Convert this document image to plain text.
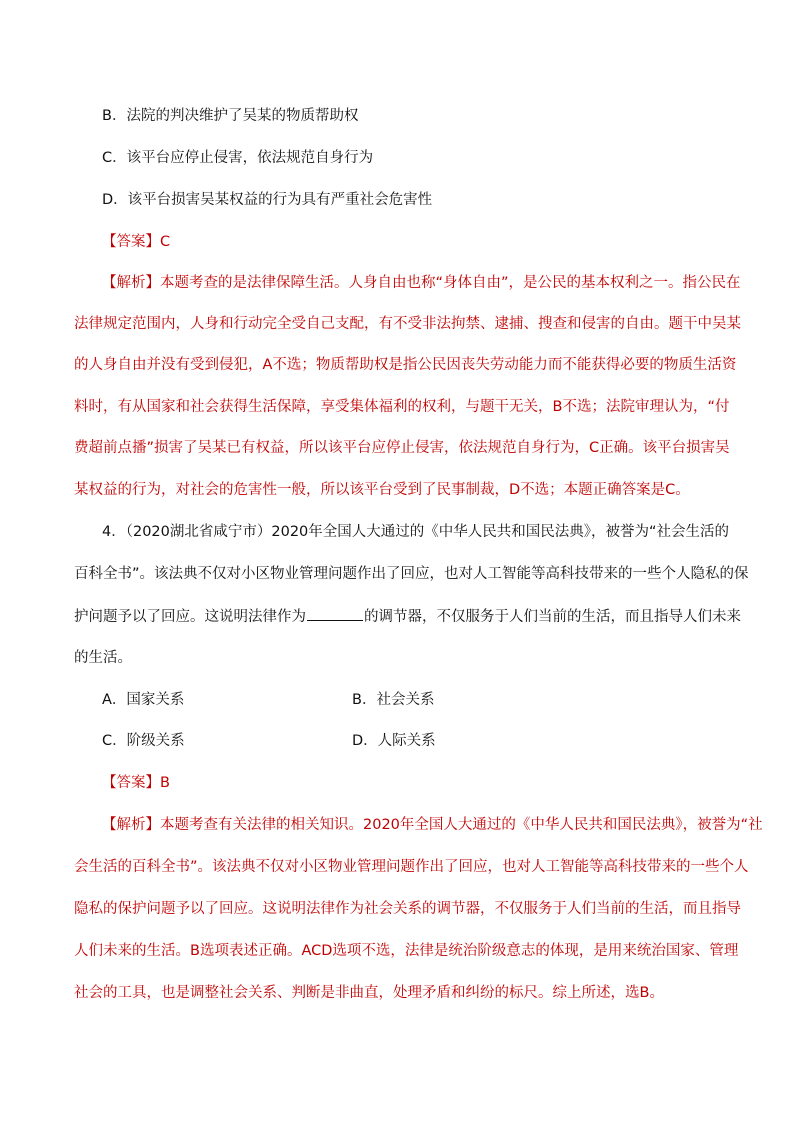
B．法院的判决维护了吴某的物质帮助权
C．该平台应停止侵害，依法规范自身行为
D．该平台损害吴某权益的行为具有严重社会危害性
【答案】C
【解析】本题考查的是法律保障生活。人身自由也称“身体自由”，是公民的基本权利之一。指公民在
法律规定范围内，人身和行动完全受自己支配，有不受非法拘禁、逮捕、搜查和侵害的自由。题干中吴某
的人身自由并没有受到侵犯，A不选；物质帮助权是指公民因丧失劳动能力而不能获得必要的物质生活资
料时，有从国家和社会获得生活保障，享受集体福利的权利，与题干无关，B不选；法院审理认为，“付
费超前点播”损害了吴某已有权益，所以该平台应停止侵害，依法规范自身行为，C正确。该平台损害吴
某权益的行为，对社会的危害性一般，所以该平台受到了民事制裁，D不选；本题正确答案是C。
4．（2020湖北省咸宁市）2020年全国人大通过的《中华人民共和国民法典》，被誉为“社会生活的
百科全书”。该法典不仅对小区物业管理问题作出了回应，也对人工智能等高科技带来的一些个人隐私的保
护问题予以了回应。这说明法律作为	的调节器，不仅服务于人们当前的生活，而且指导人们未来
的生活。
A．国家关系	B．社会关系
C．阶级关系	D．人际关系
【答案】B
【解析】本题考查有关法律的相关知识。2020年全国人大通过的《中华人民共和国民法典》，被誉为“社
会生活的百科全书”。该法典不仅对小区物业管理问题作出了回应，也对人工智能等高科技带来的一些个人
隐私的保护问题予以了回应。这说明法律作为社会关系的调节器，不仅服务于人们当前的生活，而且指导
人们未来的生活。B选项表述正确。ACD选项不选，法律是统治阶级意志的体现，是用来统治国家、管理
社会的工具，也是调整社会关系、判断是非曲直，处理矛盾和纠纷的标尺。综上所述，选B。
